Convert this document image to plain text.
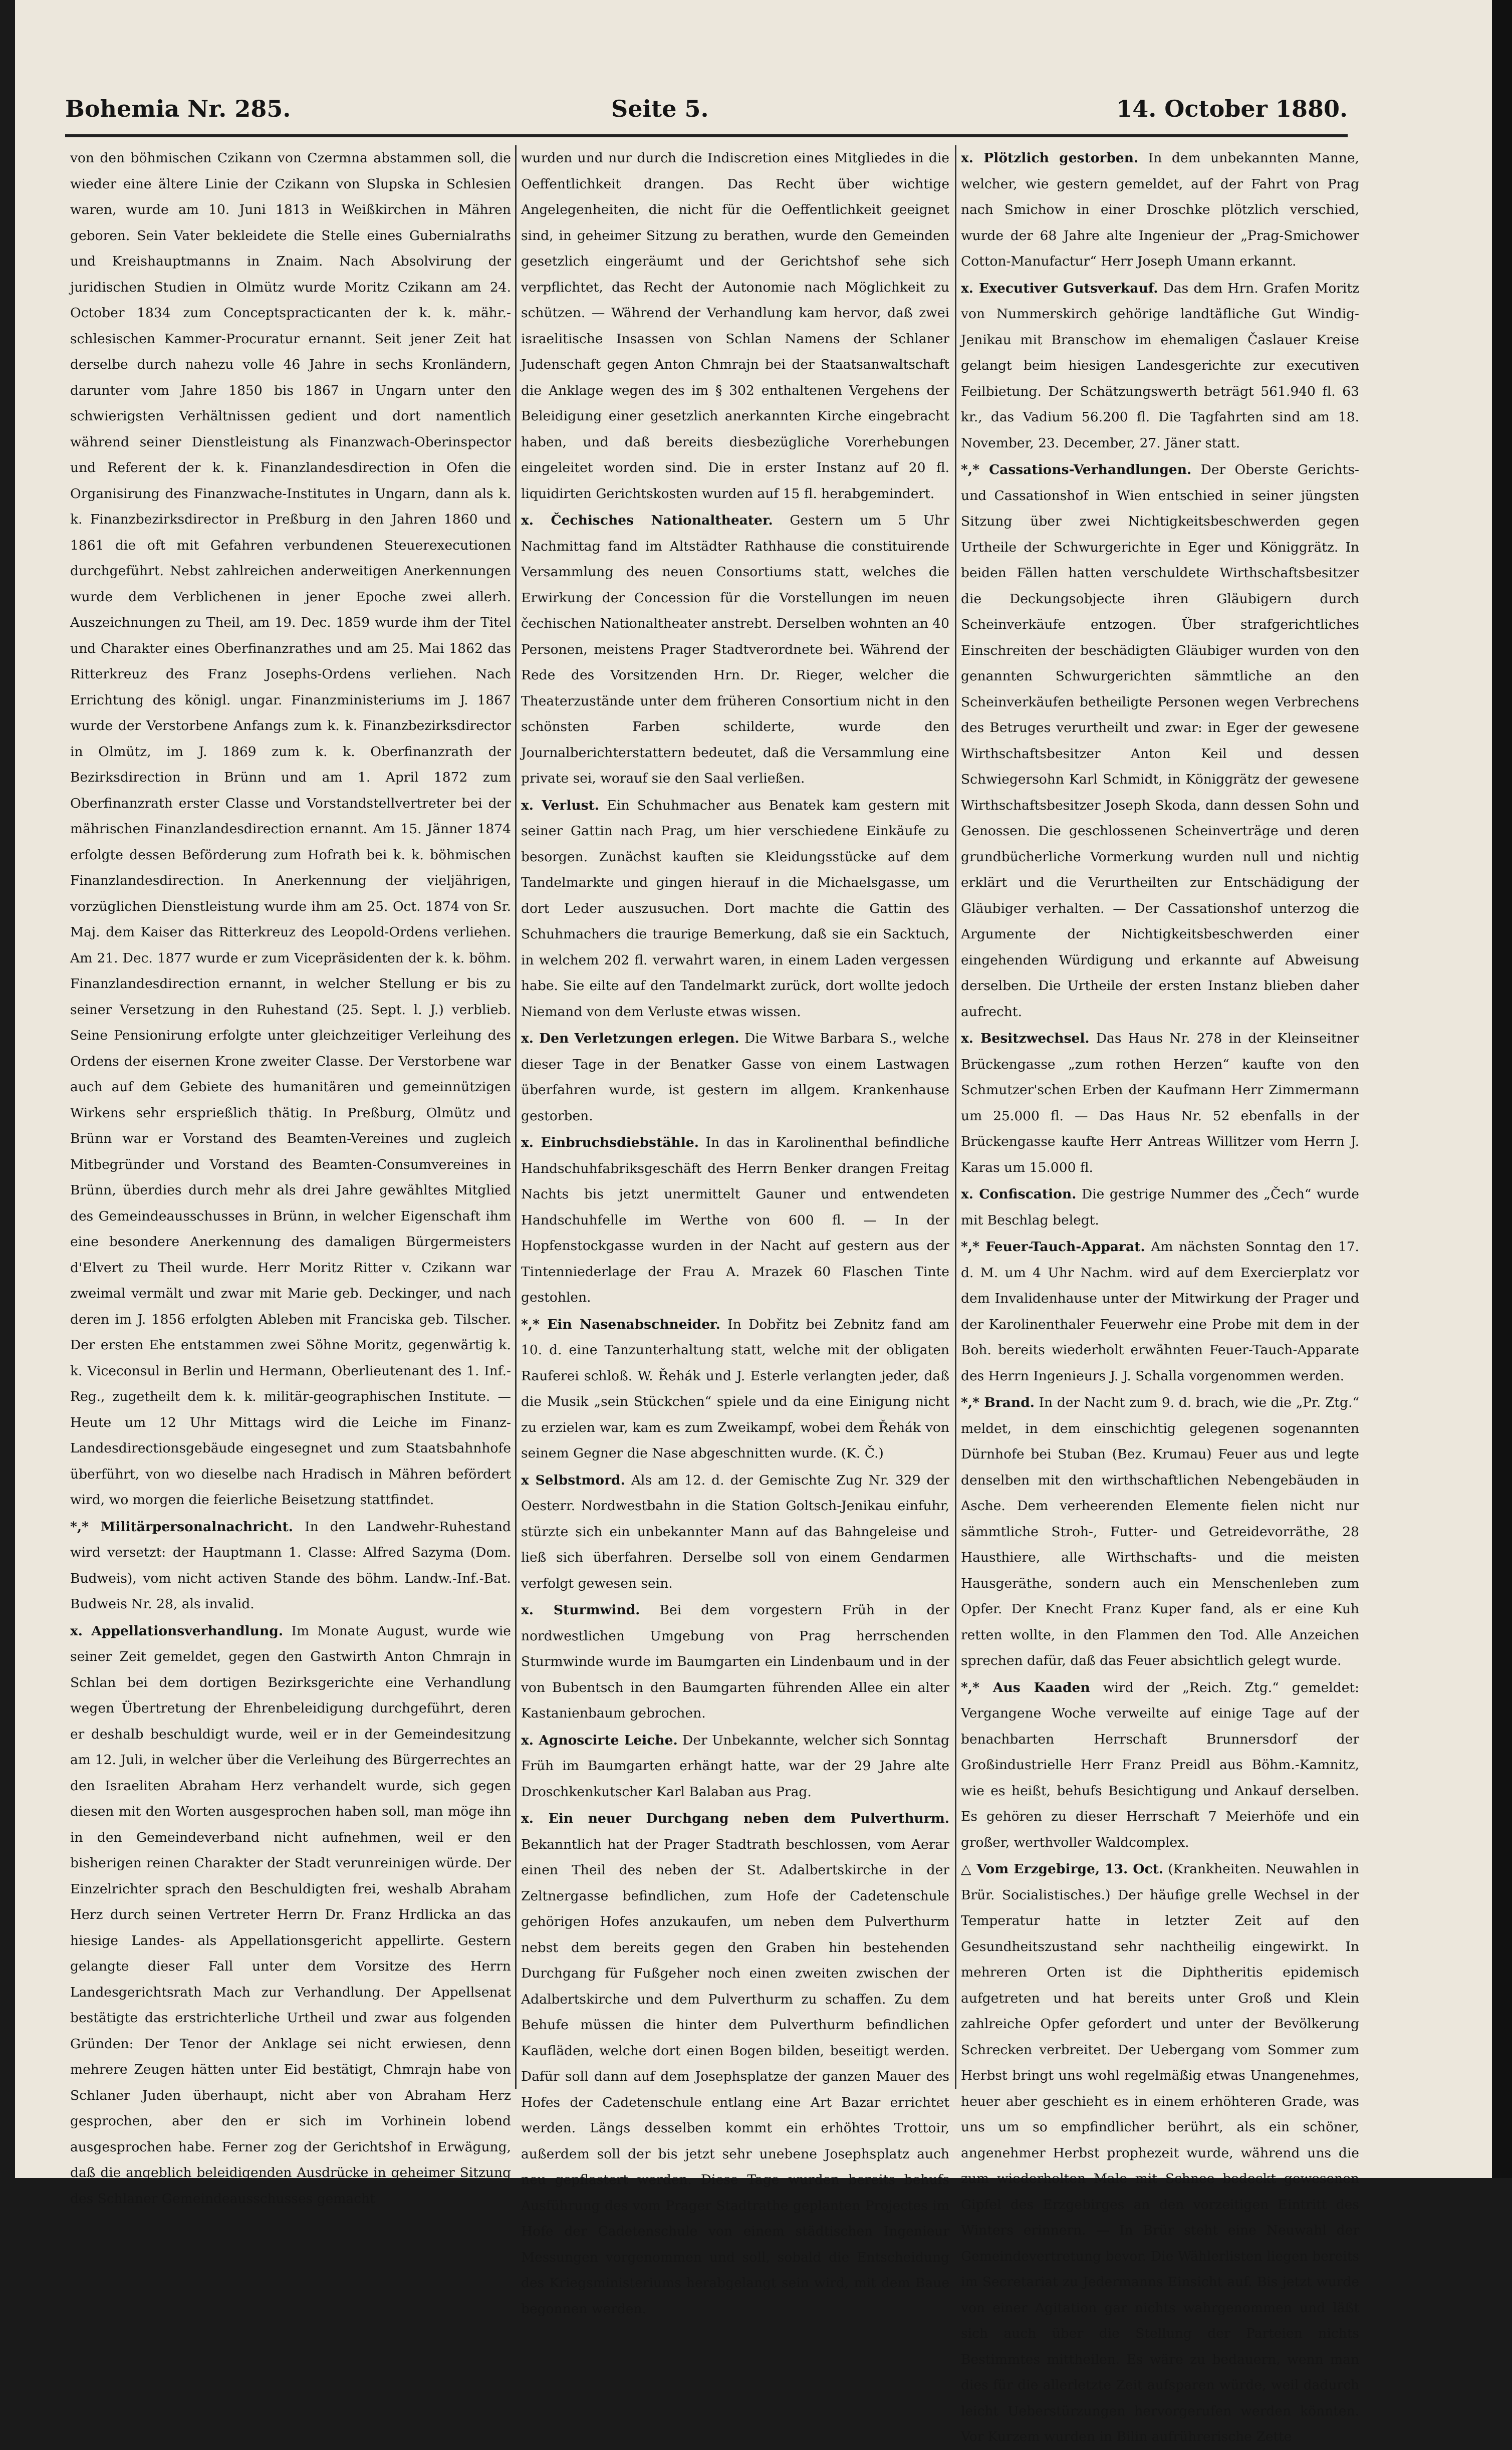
Bohemia Nr. 285.	Seite 5.	14. October 1880.

von den böhmischen Czikann von Czermna abstammen soll, die wieder eine ältere Linie der Czikann von Slupska in Schlesien waren, wurde am 10. Juni 1813 in Weißkirchen in Mähren geboren. Sein Vater bekleidete die Stelle eines Gubernialraths und Kreishauptmanns in Znaim. Nach Absolvirung der juridischen Studien in Olmütz wurde Moritz Czikann am 24. October 1834 zum Conceptspracticanten der k. k. mähr.-schlesischen Kammer-Procuratur ernannt. Seit jener Zeit hat derselbe durch nahezu volle 46 Jahre in sechs Kronländern, darunter vom Jahre 1850 bis 1867 in Ungarn unter den schwierigsten Verhältnissen gedient und dort namentlich während seiner Dienstleistung als Finanzwach-Oberinspector und Referent der k. k. Finanzlandesdirection in Ofen die Organisirung des Finanzwache-Institutes in Ungarn, dann als k. k. Finanzbezirksdirector in Preßburg in den Jahren 1860 und 1861 die oft mit Gefahren verbundenen Steuerexecutionen durchgeführt. Nebst zahlreichen anderweitigen Anerkennungen wurde dem Verblichenen in jener Epoche zwei allerh. Auszeichnungen zu Theil, am 19. Dec. 1859 wurde ihm der Titel und Charakter eines Oberfinanzrathes und am 25. Mai 1862 das Ritterkreuz des Franz Josephs-Ordens verliehen. Nach Errichtung des königl. ungar. Finanzministeriums im J. 1867 wurde der Verstorbene Anfangs zum k. k. Finanzbezirksdirector in Olmütz, im J. 1869 zum k. k. Oberfinanzrath der Bezirksdirection in Brünn und am 1. April 1872 zum Oberfinanzrath erster Classe und Vorstandstellvertreter bei der mährischen Finanzlandesdirection ernannt. Am 15. Jänner 1874 erfolgte dessen Beförderung zum Hofrath bei k. k. böhmischen Finanzlandesdirection. In Anerkennung der vieljährigen, vorzüglichen Dienstleistung wurde ihm am 25. Oct. 1874 von Sr. Maj. dem Kaiser das Ritterkreuz des Leopold-Ordens verliehen. Am 21. Dec. 1877 wurde er zum Vicepräsidenten der k. k. böhm. Finanzlandesdirection ernannt, in welcher Stellung er bis zu seiner Versetzung in den Ruhestand (25. Sept. l. J.) verblieb. Seine Pensionirung erfolgte unter gleichzeitiger Verleihung des Ordens der eisernen Krone zweiter Classe. Der Verstorbene war auch auf dem Gebiete des humanitären und gemeinnützigen Wirkens sehr ersprießlich thätig. In Preßburg, Olmütz und Brünn war er Vorstand des Beamten-Vereines und zugleich Mitbegründer und Vorstand des Beamten-Consumvereines in Brünn, überdies durch mehr als drei Jahre gewähltes Mitglied des Gemeindeausschusses in Brünn, in welcher Eigenschaft ihm eine besondere Anerkennung des damaligen Bürgermeisters d'Elvert zu Theil wurde. Herr Moritz Ritter v. Czikann war zweimal vermält und zwar mit Marie geb. Deckinger, und nach deren im J. 1856 erfolgten Ableben mit Franciska geb. Tilscher. Der ersten Ehe entstammen zwei Söhne Moritz, gegenwärtig k. k. Viceconsul in Berlin und Hermann, Oberlieutenant des 1. Inf.-Reg., zugetheilt dem k. k. militär-geographischen Institute. — Heute um 12 Uhr Mittags wird die Leiche im Finanz-Landesdirectionsgebäude eingesegnet und zum Staatsbahnhofe überführt, von wo dieselbe nach Hradisch in Mähren befördert wird, wo morgen die feierliche Beisetzung stattfindet.

*,* Militärpersonalnachricht. In den Landwehr-Ruhestand wird versetzt: der Hauptmann 1. Classe: Alfred Sazyma (Dom. Budweis), vom nicht activen Stande des böhm. Landw.-Inf.-Bat. Budweis Nr. 28, als invalid.

x. Appellationsverhandlung. Im Monate August, wurde wie seiner Zeit gemeldet, gegen den Gastwirth Anton Chmrajn in Schlan bei dem dortigen Bezirksgerichte eine Verhandlung wegen Übertretung der Ehrenbeleidigung durchgeführt, deren er deshalb beschuldigt wurde, weil er in der Gemeindesitzung am 12. Juli, in welcher über die Verleihung des Bürgerrechtes an den Israeliten Abraham Herz verhandelt wurde, sich gegen diesen mit den Worten ausgesprochen haben soll, man möge ihn in den Gemeindeverband nicht aufnehmen, weil er den bisherigen reinen Charakter der Stadt verunreinigen würde. Der Einzelrichter sprach den Beschuldigten frei, weshalb Abraham Herz durch seinen Vertreter Herrn Dr. Franz Hrdlicka an das hiesige Landes- als Appellationsgericht appellirte. Gestern gelangte dieser Fall unter dem Vorsitze des Herrn Landesgerichtsrath Mach zur Verhandlung. Der Appellsenat bestätigte das erstrichterliche Urtheil und zwar aus folgenden Gründen: Der Tenor der Anklage sei nicht erwiesen, denn mehrere Zeugen hätten unter Eid bestätigt, Chmrajn habe von Schlaner Juden überhaupt, nicht aber von Abraham Herz gesprochen, aber den er sich im Vorhinein lobend ausgesprochen habe. Ferner zog der Gerichtshof in Erwägung, daß die angeblich beleidigenden Ausdrücke in geheimer Sitzung des Schlaner Gemeindeausschusses gemacht

wurden und nur durch die Indiscretion eines Mitgliedes in die Oeffentlichkeit drangen. Das Recht über wichtige Angelegenheiten, die nicht für die Oeffentlichkeit geeignet sind, in geheimer Sitzung zu berathen, wurde den Gemeinden gesetzlich eingeräumt und der Gerichtshof sehe sich verpflichtet, das Recht der Autonomie nach Möglichkeit zu schützen. — Während der Verhandlung kam hervor, daß zwei israelitische Insassen von Schlan Namens der Schlaner Judenschaft gegen Anton Chmrajn bei der Staatsanwaltschaft die Anklage wegen des im § 302 enthaltenen Vergehens der Beleidigung einer gesetzlich anerkannten Kirche eingebracht haben, und daß bereits diesbezügliche Vorerhebungen eingeleitet worden sind. Die in erster Instanz auf 20 fl. liquidirten Gerichtskosten wurden auf 15 fl. herabgemindert.

x. Čechisches Nationaltheater. Gestern um 5 Uhr Nachmittag fand im Altstädter Rathhause die constituirende Versammlung des neuen Consortiums statt, welches die Erwirkung der Concession für die Vorstellungen im neuen čechischen Nationaltheater anstrebt. Derselben wohnten an 40 Personen, meistens Prager Stadtverordnete bei. Während der Rede des Vorsitzenden Hrn. Dr. Rieger, welcher die Theaterzustände unter dem früheren Consortium nicht in den schönsten Farben schilderte, wurde den Journalberichterstattern bedeutet, daß die Versammlung eine private sei, worauf sie den Saal verließen.

x. Verlust. Ein Schuhmacher aus Benatek kam gestern mit seiner Gattin nach Prag, um hier verschiedene Einkäufe zu besorgen. Zunächst kauften sie Kleidungsstücke auf dem Tandelmarkte und gingen hierauf in die Michaelsgasse, um dort Leder auszusuchen. Dort machte die Gattin des Schuhmachers die traurige Bemerkung, daß sie ein Sacktuch, in welchem 202 fl. verwahrt waren, in einem Laden vergessen habe. Sie eilte auf den Tandelmarkt zurück, dort wollte jedoch Niemand von dem Verluste etwas wissen.

x. Den Verletzungen erlegen. Die Witwe Barbara S., welche dieser Tage in der Benatker Gasse von einem Lastwagen überfahren wurde, ist gestern im allgem. Krankenhause gestorben.

x. Einbruchsdiebstähle. In das in Karolinenthal befindliche Handschuhfabriksgeschäft des Herrn Benker drangen Freitag Nachts bis jetzt unermittelt Gauner und entwendeten Handschuhfelle im Werthe von 600 fl. — In der Hopfenstockgasse wurden in der Nacht auf gestern aus der Tintenniederlage der Frau A. Mrazek 60 Flaschen Tinte gestohlen.

*,* Ein Nasenabschneider. In Dobřitz bei Zebnitz fand am 10. d. eine Tanzunterhaltung statt, welche mit der obligaten Rauferei schloß. W. Řehák und J. Esterle verlangten jeder, daß die Musik „sein Stückchen“ spiele und da eine Einigung nicht zu erzielen war, kam es zum Zweikampf, wobei dem Řehák von seinem Gegner die Nase abgeschnitten wurde. (K. Č.)

x Selbstmord. Als am 12. d. der Gemischte Zug Nr. 329 der Oesterr. Nordwestbahn in die Station Goltsch-Jenikau einfuhr, stürzte sich ein unbekannter Mann auf das Bahngeleise und ließ sich überfahren. Derselbe soll von einem Gendarmen verfolgt gewesen sein.

x. Sturmwind. Bei dem vorgestern Früh in der nordwestlichen Umgebung von Prag herrschenden Sturmwinde wurde im Baumgarten ein Lindenbaum und in der von Bubentsch in den Baumgarten führenden Allee ein alter Kastanienbaum gebrochen.

x. Agnoscirte Leiche. Der Unbekannte, welcher sich Sonntag Früh im Baumgarten erhängt hatte, war der 29 Jahre alte Droschkenkutscher Karl Balaban aus Prag.

x. Ein neuer Durchgang neben dem Pulverthurm. Bekanntlich hat der Prager Stadtrath beschlossen, vom Aerar einen Theil des neben der St. Adalbertskirche in der Zeltnergasse befindlichen, zum Hofe der Cadetenschule gehörigen Hofes anzukaufen, um neben dem Pulverthurm nebst dem bereits gegen den Graben hin bestehenden Durchgang für Fußgeher noch einen zweiten zwischen der Adalbertskirche und dem Pulverthurm zu schaffen. Zu dem Behufe müssen die hinter dem Pulverthurm befindlichen Kaufläden, welche dort einen Bogen bilden, beseitigt werden. Dafür soll dann auf dem Josephsplatze der ganzen Mauer des Hofes der Cadetenschule entlang eine Art Bazar errichtet werden. Längs desselben kommt ein erhöhtes Trottoir, außerdem soll der bis jetzt sehr unebene Josephsplatz auch neu gepflastert werden. Diese Tage wurden bereits behufs Ausführung des vom Prager Stadtrathe geplanten Projectes im Hofe der Cadetenschule von einem städtischen Ingenieur Messungen vorgenommen und soll, sobald die Entscheidung des Kriegsministeriums herabgelangt sein wird, mit dem Baue begonnen werden.

x. Plötzlich gestorben. In dem unbekannten Manne, welcher, wie gestern gemeldet, auf der Fahrt von Prag nach Smichow in einer Droschke plötzlich verschied, wurde der 68 Jahre alte Ingenieur der „Prag-Smichower Cotton-Manufactur“ Herr Joseph Umann erkannt.

x. Executiver Gutsverkauf. Das dem Hrn. Grafen Moritz von Nummerskirch gehörige landtäfliche Gut Windig-Jenikau mit Branschow im ehemaligen Časlauer Kreise gelangt beim hiesigen Landesgerichte zur executiven Feilbietung. Der Schätzungswerth beträgt 561.940 fl. 63 kr., das Vadium 56.200 fl. Die Tagfahrten sind am 18. November, 23. December, 27. Jäner statt.

*,* Cassations-Verhandlungen. Der Oberste Gerichts- und Cassationshof in Wien entschied in seiner jüngsten Sitzung über zwei Nichtigkeitsbeschwerden gegen Urtheile der Schwurgerichte in Eger und Königgrätz. In beiden Fällen hatten verschuldete Wirthschaftsbesitzer die Deckungsobjecte ihren Gläubigern durch Scheinverkäufe entzogen. Über strafgerichtliches Einschreiten der beschädigten Gläubiger wurden von den genannten Schwurgerichten sämmtliche an den Scheinverkäufen betheiligte Personen wegen Verbrechens des Betruges verurtheilt und zwar: in Eger der gewesene Wirthschaftsbesitzer Anton Keil und dessen Schwiegersohn Karl Schmidt, in Königgrätz der gewesene Wirthschaftsbesitzer Joseph Skoda, dann dessen Sohn und Genossen. Die geschlossenen Scheinverträge und deren grundbücherliche Vormerkung wurden null und nichtig erklärt und die Verurtheilten zur Entschädigung der Gläubiger verhalten. — Der Cassationshof unterzog die Argumente der Nichtigkeitsbeschwerden einer eingehenden Würdigung und erkannte auf Abweisung derselben. Die Urtheile der ersten Instanz blieben daher aufrecht.

x. Besitzwechsel. Das Haus Nr. 278 in der Kleinseitner Brückengasse „zum rothen Herzen“ kaufte von den Schmutzer'schen Erben der Kaufmann Herr Zimmermann um 25.000 fl. — Das Haus Nr. 52 ebenfalls in der Brückengasse kaufte Herr Antreas Willitzer vom Herrn J. Karas um 15.000 fl.

x. Confiscation. Die gestrige Nummer des „Čech“ wurde mit Beschlag belegt.

*,* Feuer-Tauch-Apparat. Am nächsten Sonntag den 17. d. M. um 4 Uhr Nachm. wird auf dem Exercierplatz vor dem Invalidenhause unter der Mitwirkung der Prager und der Karolinenthaler Feuerwehr eine Probe mit dem in der Boh. bereits wiederholt erwähnten Feuer-Tauch-Apparate des Herrn Ingenieurs J. J. Schalla vorgenommen werden.

*,* Brand. In der Nacht zum 9. d. brach, wie die „Pr. Ztg.“ meldet, in dem einschichtig gelegenen sogenannten Dürnhofe bei Stuban (Bez. Krumau) Feuer aus und legte denselben mit den wirthschaftlichen Nebengebäuden in Asche. Dem verheerenden Elemente fielen nicht nur sämmtliche Stroh-, Futter- und Getreidevorräthe, 28 Hausthiere, alle Wirthschafts- und die meisten Hausgeräthe, sondern auch ein Menschenleben zum Opfer. Der Knecht Franz Kuper fand, als er eine Kuh retten wollte, in den Flammen den Tod. Alle Anzeichen sprechen dafür, daß das Feuer absichtlich gelegt wurde.

*,* Aus Kaaden wird der „Reich. Ztg.“ gemeldet: Vergangene Woche verweilte auf einige Tage auf der benachbarten Herrschaft Brunnersdorf der Großindustrielle Herr Franz Preidl aus Böhm.-Kamnitz, wie es heißt, behufs Besichtigung und Ankauf derselben. Es gehören zu dieser Herrschaft 7 Meierhöfe und ein großer, werthvoller Waldcomplex.

△ Vom Erzgebirge, 13. Oct. (Krankheiten. Neuwahlen in Brür. Socialistisches.) Der häufige grelle Wechsel in der Temperatur hatte in letzter Zeit auf den Gesundheitszustand sehr nachtheilig eingewirkt. In mehreren Orten ist die Diphtheritis epidemisch aufgetreten und hat bereits unter Groß und Klein zahlreiche Opfer gefordert und unter der Bevölkerung Schrecken verbreitet. Der Uebergang vom Sommer zum Herbst bringt uns wohl regelmäßig etwas Unangenehmes, heuer aber geschieht es in einem erhöhteren Grade, was uns um so empfindlicher berührt, als ein schöner, angenehmer Herbst prophezeit wurde, während uns die zum wiederholten Male mit Schnee bedeckt gewesenen Gipfel des Erzgebirges an den vorzeitigen Eintritt des Winters erinnern. — In Brür steht eine Neuwahl der Gemeindevertretung bevor. Die Wählerlisten liegen bereits im Secretariat zu Jedermanns Einsicht auf. Bis jetzt wurde von einer Agitation gar nichts wahrgenommen und läßt sich auch über die Stellung der Parteien nichts Bestimmtes mittheilen. Es wäre zu bedauern, wenn man dies für die allerletzte Zeit aufsparen würde, weil dadurch leicht Ueberstürzungen hervorgerufen werden könnten. Vor Kurzem wurden in Bilin aufrührerische Zette
